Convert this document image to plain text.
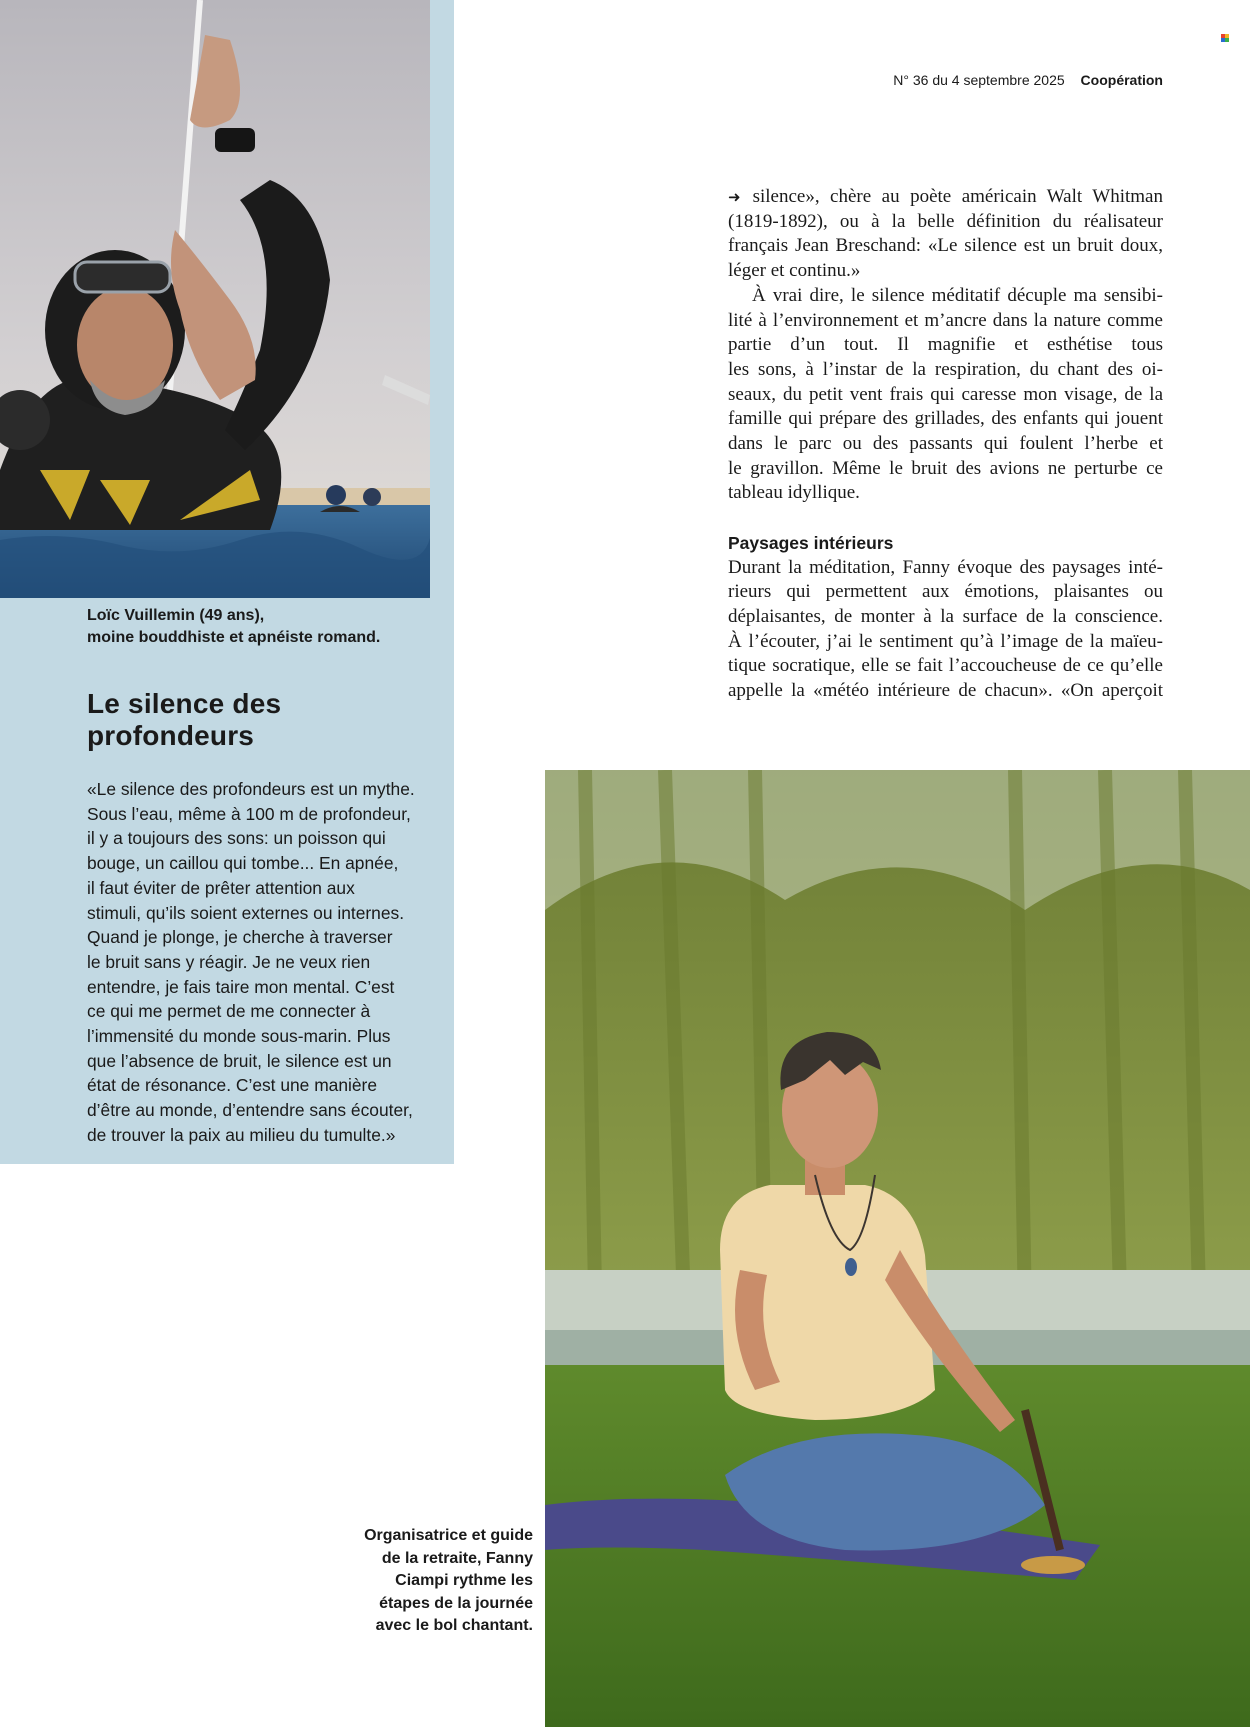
Loïc Vuillemin (49 ans),
moine bouddhiste et apnéiste romand.
Le silence des
profondeurs
«Le silence des profondeurs est un mythe.
Sous l’eau, même à 100 m de profondeur,
il y a toujours des sons: un poisson qui
bouge, un caillou qui tombe... En apnée,
il faut éviter de prêter attention aux
stimuli, qu’ils soient externes ou internes.
Quand je plonge, je cherche à traverser
le bruit sans y réagir. Je ne veux rien
entendre, je fais taire mon mental. C’est
ce qui me permet de me connecter à
l’immensité du monde sous-marin. Plus
que l’absence de bruit, le silence est un
état de résonance. C’est une manière
d’être au monde, d’entendre sans écouter,
de trouver la paix au milieu du tumulte.»
N° 36 du 4 septembre 2025 Coopération
➜ silence», chère au poète américain Walt Whitman
(1819-1892), ou à la belle définition du réalisateur
français Jean Breschand: «Le silence est un bruit doux,
léger et continu.»
À vrai dire, le silence méditatif décuple ma sensibi-
lité à l’environnement et m’ancre dans la nature comme
partie d’un tout. Il magnifie et esthétise tous
les sons, à l’instar de la respiration, du chant des oi-
seaux, du petit vent frais qui caresse mon visage, de la
famille qui prépare des grillades, des enfants qui jouent
dans le parc ou des passants qui foulent l’herbe et
le gravillon. Même le bruit des avions ne perturbe ce
tableau idyllique.
Paysages intérieurs
Durant la méditation, Fanny évoque des paysages inté-
rieurs qui permettent aux émotions, plaisantes ou
déplaisantes, de monter à la surface de la conscience.
À l’écouter, j’ai le sentiment qu’à l’image de la maïeu-
tique socratique, elle se fait l’accoucheuse de ce qu’elle
appelle la «météo intérieure de chacun». «On aperçoit
Organisatrice et guide
de la retraite, Fanny
Ciampi rythme les
étapes de la journée
avec le bol chantant.
